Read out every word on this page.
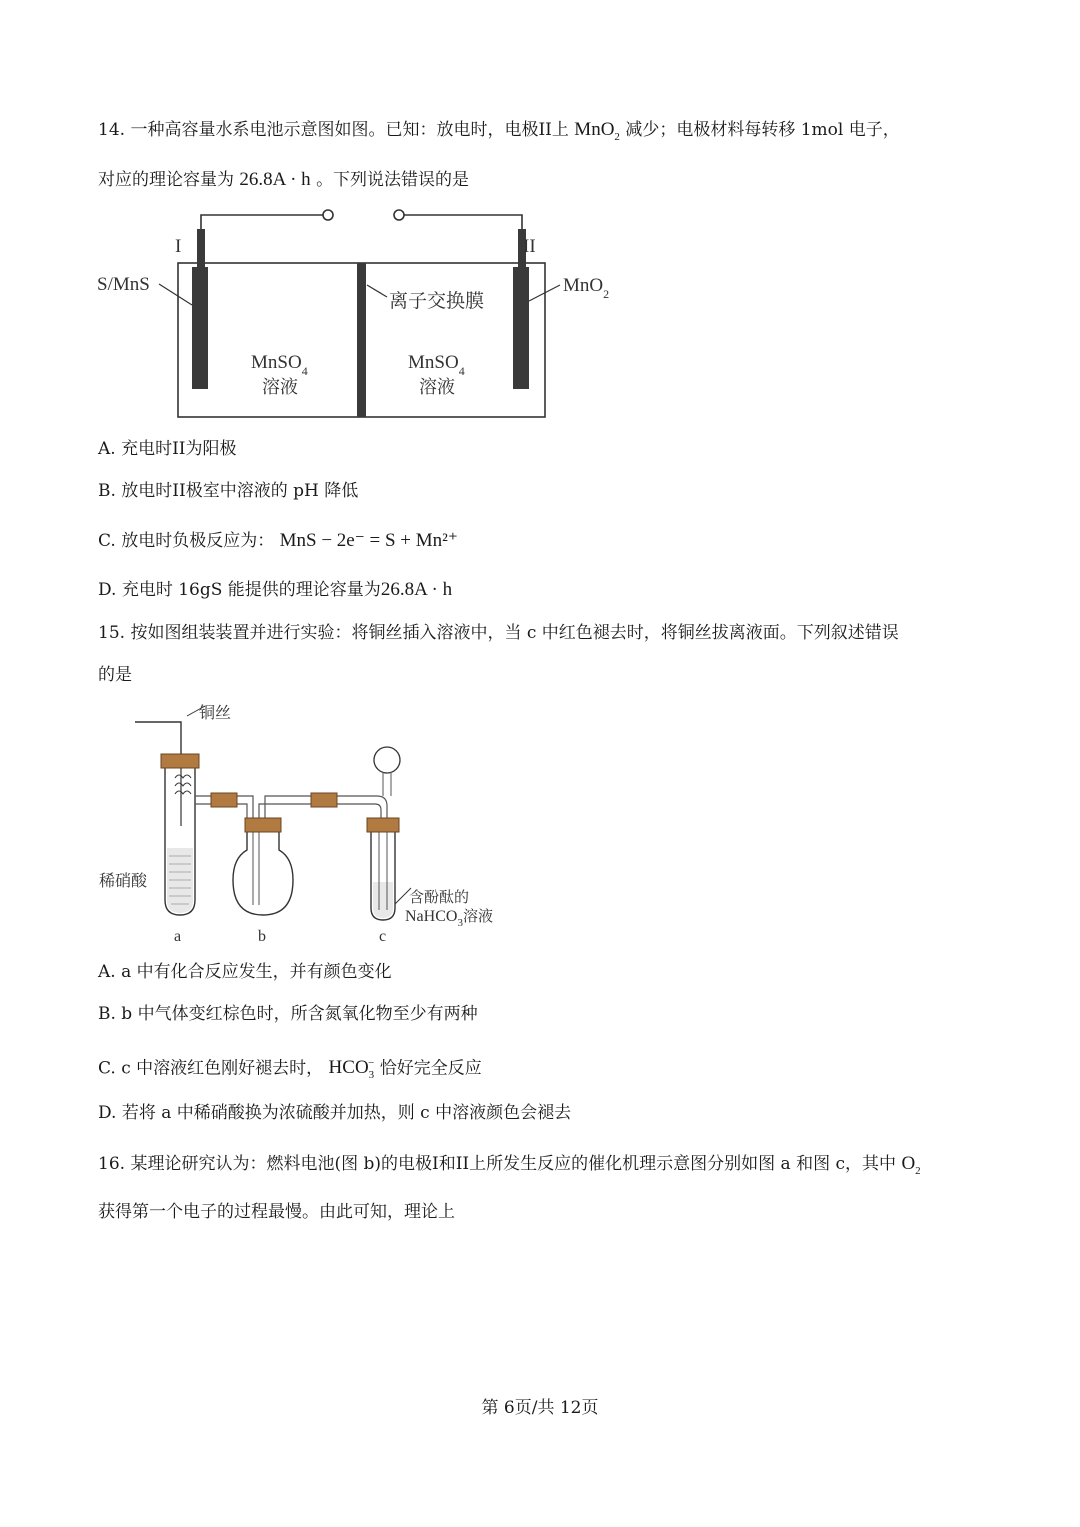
14. 一种高容量水系电池示意图如图。已知：放电时，电极II上 MnO$_2$ 减少；电极材料每转移 1mol 电子，
对应的理论容量为 26.8A · h 。下列说法错误的是
I	II
S/MnS	MnO$_2$
离子交换膜
MnSO$_4$
溶液
MnSO$_4$
溶液
A. 充电时II为阳极
B. 放电时II极室中溶液的 pH 降低
C. 放电时负极反应为： MnS − 2e⁻ = S + Mn²⁺
D. 充电时 16gS 能提供的理论容量为26.8A · h
15. 按如图组装装置并进行实验：将铜丝插入溶液中，当 c 中红色褪去时，将铜丝拔离液面。下列叙述错误
的是
铜丝
稀硝酸
含酚酞的
NaHCO$_3$溶液
a	b	c
A. a 中有化合反应发生，并有颜色变化
B. b 中气体变红棕色时，所含氮氧化物至少有两种
C. c 中溶液红色刚好褪去时， $HCO_3^-$ 恰好完全反应
D. 若将 a 中稀硝酸换为浓硫酸并加热，则 c 中溶液颜色会褪去
16. 某理论研究认为：燃料电池(图 b)的电极I和II上所发生反应的催化机理示意图分别如图 a 和图 c，其中 $O_2$
获得第一个电子的过程最慢。由此可知，理论上
第 6页/共 12页
